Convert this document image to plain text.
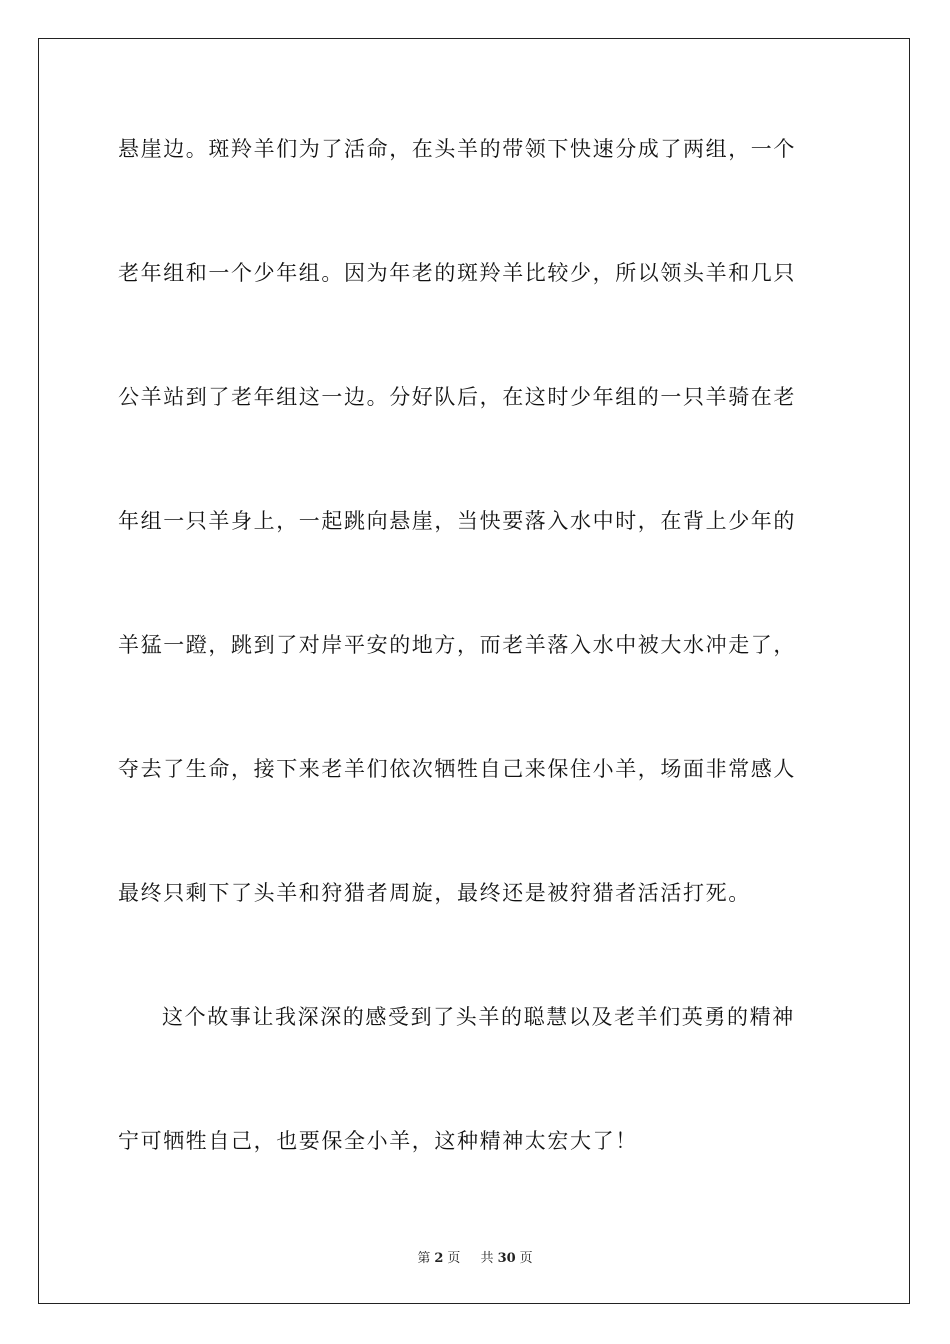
悬崖边。斑羚羊们为了活命，在头羊的带领下快速分成了两组，一个
老年组和一个少年组。因为年老的斑羚羊比较少，所以领头羊和几只
公羊站到了老年组这一边。分好队后，在这时少年组的一只羊骑在老
年组一只羊身上，一起跳向悬崖，当快要落入水中时，在背上少年的
羊猛一蹬，跳到了对岸平安的地方，而老羊落入水中被大水冲走了，
夺去了生命，接下来老羊们依次牺牲自己来保住小羊，场面非常感人
最终只剩下了头羊和狩猎者周旋，最终还是被狩猎者活活打死。
这个故事让我深深的感受到了头羊的聪慧以及老羊们英勇的精神
宁可牺牲自己，也要保全小羊，这种精神太宏大了！
第 2 页 共 30 页
